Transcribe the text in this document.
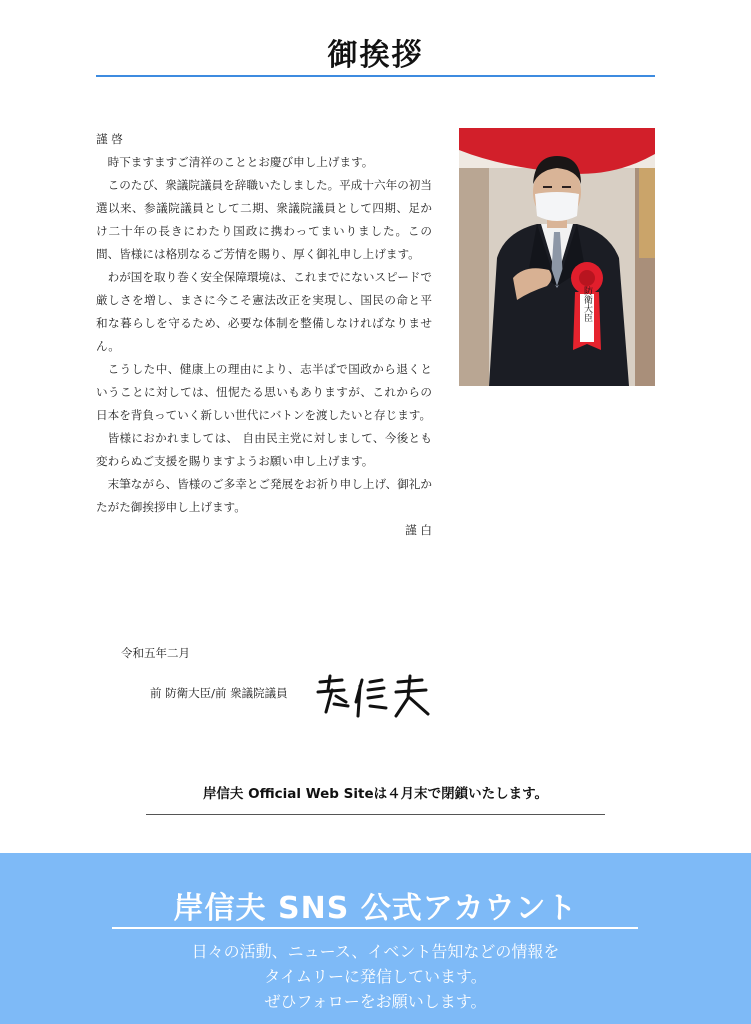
御挨拶

謹 啓

時下ますますご清祥のこととお慶び申し上げます。

このたび、衆議院議員を辞職いたしました。平成十六年の初当選以来、参議院議員として二期、衆議院議員として四期、足かけ二十年の長きにわたり国政に携わってまいりました。この間、皆様には格別なるご芳情を賜り、厚く御礼申し上げます。

わが国を取り巻く安全保障環境は、これまでにないスピードで厳しさを増し、まさに今こそ憲法改正を実現し、国民の命と平和な暮らしを守るため、必要な体制を整備しなければなりません。

こうした中、健康上の理由により、志半ばで国政から退くということに対しては、忸怩たる思いもありますが、これからの日本を背負っていく新しい世代にバトンを渡したいと存じます。

皆様におかれましては、 自由民主党に対しまして、今後とも変わらぬご支援を賜りますようお願い申し上げます。

末筆ながら、皆様のご多幸とご発展をお祈り申し上げ、御礼かたがた御挨拶申し上げます。

謹 白

防衛大臣
令和五年二月
前 防衛大臣/前 衆議院議員
岸信夫 Official Web Siteは４月末で閉鎖いたします。
岸信夫 SNS 公式アカウント
日々の活動、ニュース、イベント告知などの情報を
タイムリーに発信しています。
ぜひフォローをお願いします。
